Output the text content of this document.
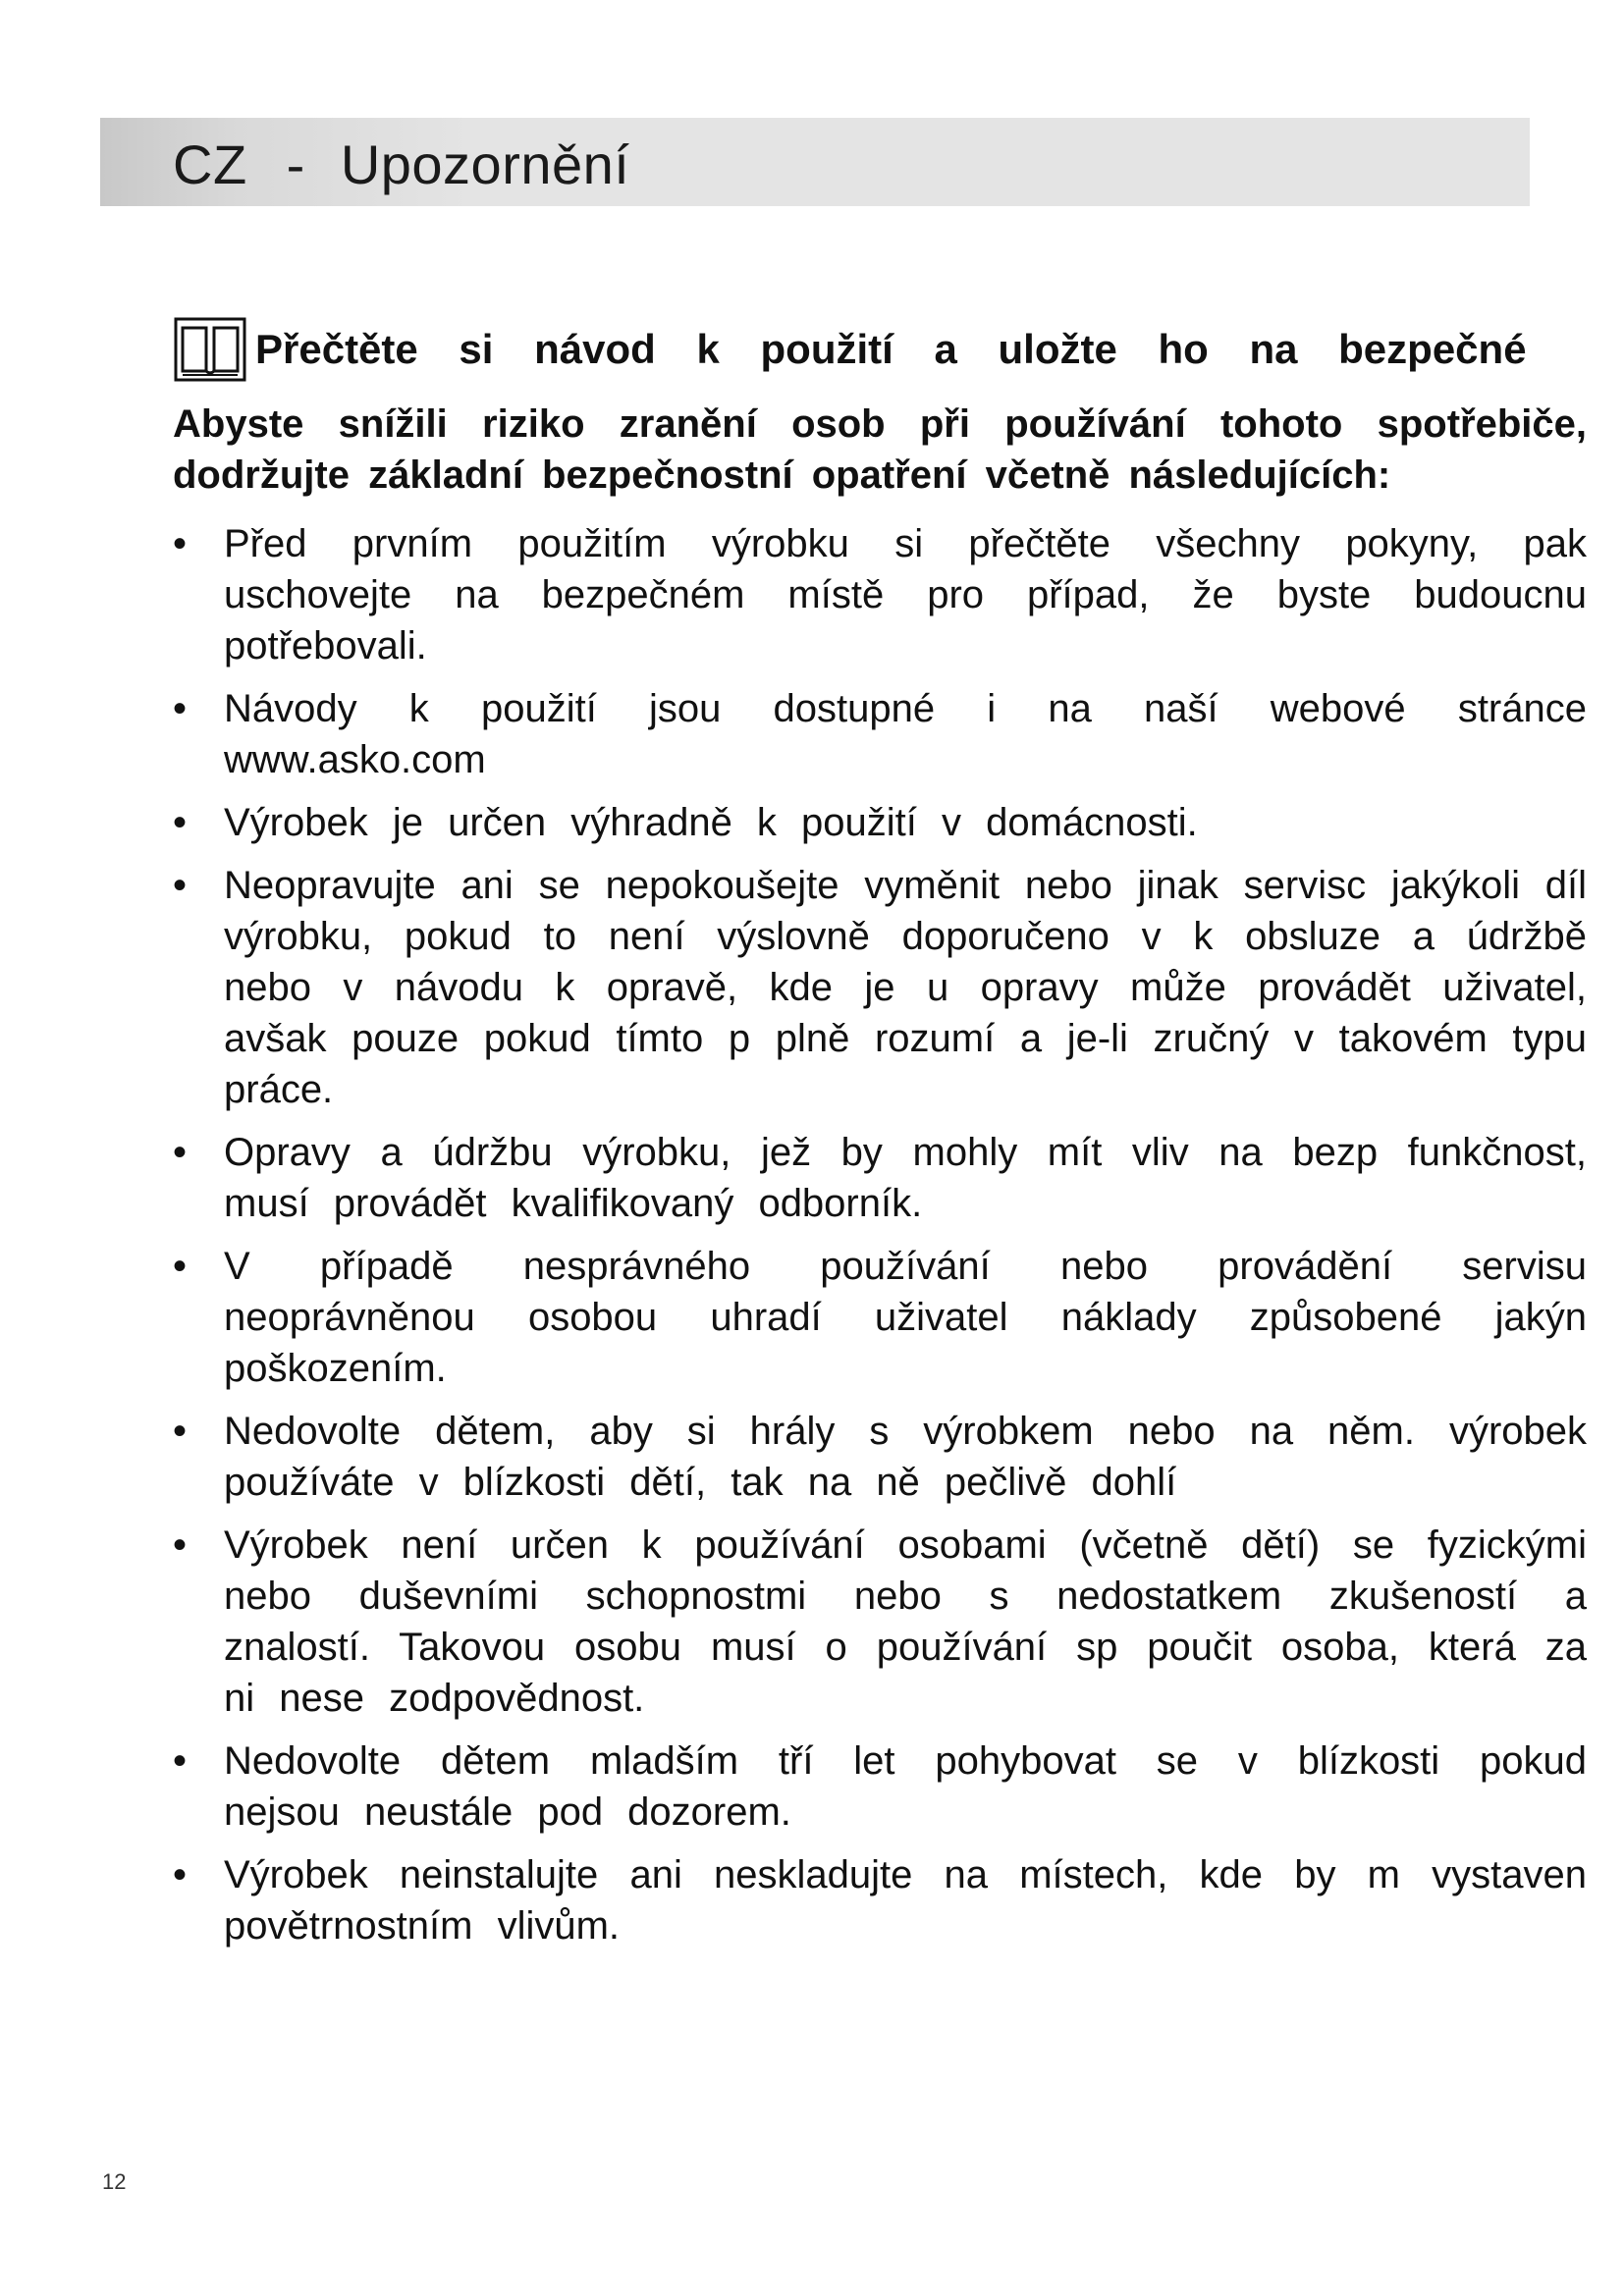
CZ - Upozornění
Přečtěte si návod k použití a uložte ho na bezpečné
Abyste snížili riziko zranění osob při používání tohoto spotřebiče, dodržujte základní bezpečnostní opatření včetně následujících:
• Před prvním použitím výrobku si přečtěte všechny pokyny, pak uschovejte na bezpečném místě pro případ, že byste budoucnu potřebovali.
• Návody k použití jsou dostupné i na naší webové stránce www.asko.com
• Výrobek je určen výhradně k použití v domácnosti.
• Neopravujte ani se nepokoušejte vyměnit nebo jinak servisc jakýkoli díl výrobku, pokud to není výslovně doporučeno v k obsluze a údržbě nebo v návodu k opravě, kde je u opravy může provádět uživatel, avšak pouze pokud tímto p plně rozumí a je-li zručný v takovém typu práce.
• Opravy a údržbu výrobku, jež by mohly mít vliv na bezp funkčnost, musí provádět kvalifikovaný odborník.
• V případě nesprávného používání nebo provádění servisu neoprávněnou osobou uhradí uživatel náklady způsobené jakýn poškozením.
• Nedovolte dětem, aby si hrály s výrobkem nebo na něm. výrobek používáte v blízkosti dětí, tak na ně pečlivě dohlí
• Výrobek není určen k používání osobami (včetně dětí) se fyzickými nebo duševními schopnostmi nebo s nedostatkem zkušeností a znalostí. Takovou osobu musí o používání sp poučit osoba, která za ni nese zodpovědnost.
• Nedovolte dětem mladším tří let pohybovat se v blízkosti pokud nejsou neustále pod dozorem.
• Výrobek neinstalujte ani neskladujte na místech, kde by m vystaven povětrnostním vlivům.
12
